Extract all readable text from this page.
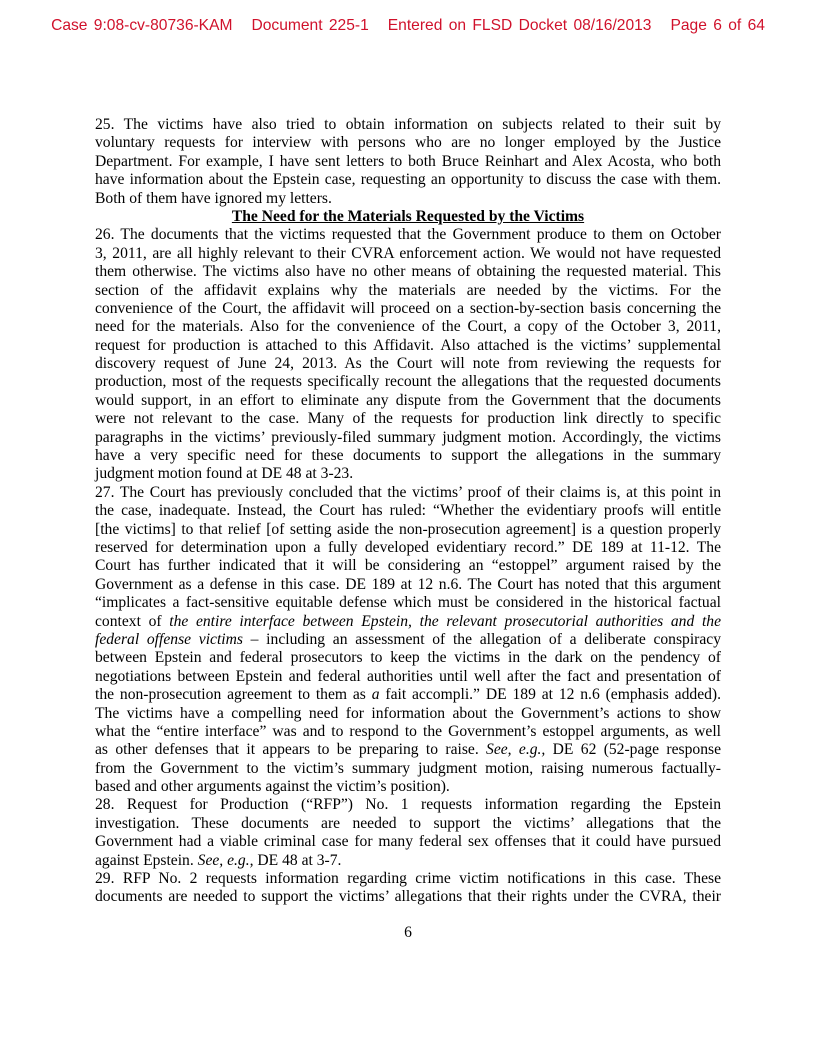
Case 9:08-cv-80736-KAM   Document 225-1   Entered on FLSD Docket 08/16/2013   Page 6 of 64
25. The victims have also tried to obtain information on subjects related to their suit by
voluntary requests for interview with persons who are no longer employed by the Justice
Department. For example, I have sent letters to both Bruce Reinhart and Alex Acosta, who both
have information about the Epstein case, requesting an opportunity to discuss the case with them.
Both of them have ignored my letters.
The Need for the Materials Requested by the Victims
26. The documents that the victims requested that the Government produce to them on October
3, 2011, are all highly relevant to their CVRA enforcement action. We would not have requested
them otherwise. The victims also have no other means of obtaining the requested material. This
section of the affidavit explains why the materials are needed by the victims. For the
convenience of the Court, the affidavit will proceed on a section-by-section basis concerning the
need for the materials. Also for the convenience of the Court, a copy of the October 3, 2011,
request for production is attached to this Affidavit. Also attached is the victims’ supplemental
discovery request of June 24, 2013. As the Court will note from reviewing the requests for
production, most of the requests specifically recount the allegations that the requested documents
would support, in an effort to eliminate any dispute from the Government that the documents
were not relevant to the case. Many of the requests for production link directly to specific
paragraphs in the victims’ previously-filed summary judgment motion. Accordingly, the victims
have a very specific need for these documents to support the allegations in the summary
judgment motion found at DE 48 at 3-23.
27. The Court has previously concluded that the victims’ proof of their claims is, at this point in
the case, inadequate. Instead, the Court has ruled: “Whether the evidentiary proofs will entitle
[the victims] to that relief [of setting aside the non-prosecution agreement] is a question properly
reserved for determination upon a fully developed evidentiary record.” DE 189 at 11-12. The
Court has further indicated that it will be considering an “estoppel” argument raised by the
Government as a defense in this case. DE 189 at 12 n.6. The Court has noted that this argument
“implicates a fact-sensitive equitable defense which must be considered in the historical factual
context of the entire interface between Epstein, the relevant prosecutorial authorities and the
federal offense victims – including an assessment of the allegation of a deliberate conspiracy
between Epstein and federal prosecutors to keep the victims in the dark on the pendency of
negotiations between Epstein and federal authorities until well after the fact and presentation of
the non-prosecution agreement to them as a fait accompli.” DE 189 at 12 n.6 (emphasis added).
The victims have a compelling need for information about the Government’s actions to show
what the “entire interface” was and to respond to the Government’s estoppel arguments, as well
as other defenses that it appears to be preparing to raise. See, e.g., DE 62 (52-page response
from the Government to the victim’s summary judgment motion, raising numerous factually-
based and other arguments against the victim’s position).
28. Request for Production (“RFP”) No. 1 requests information regarding the Epstein
investigation. These documents are needed to support the victims’ allegations that the
Government had a viable criminal case for many federal sex offenses that it could have pursued
against Epstein. See, e.g., DE 48 at 3-7.
29. RFP No. 2 requests information regarding crime victim notifications in this case. These
documents are needed to support the victims’ allegations that their rights under the CVRA, their
6
